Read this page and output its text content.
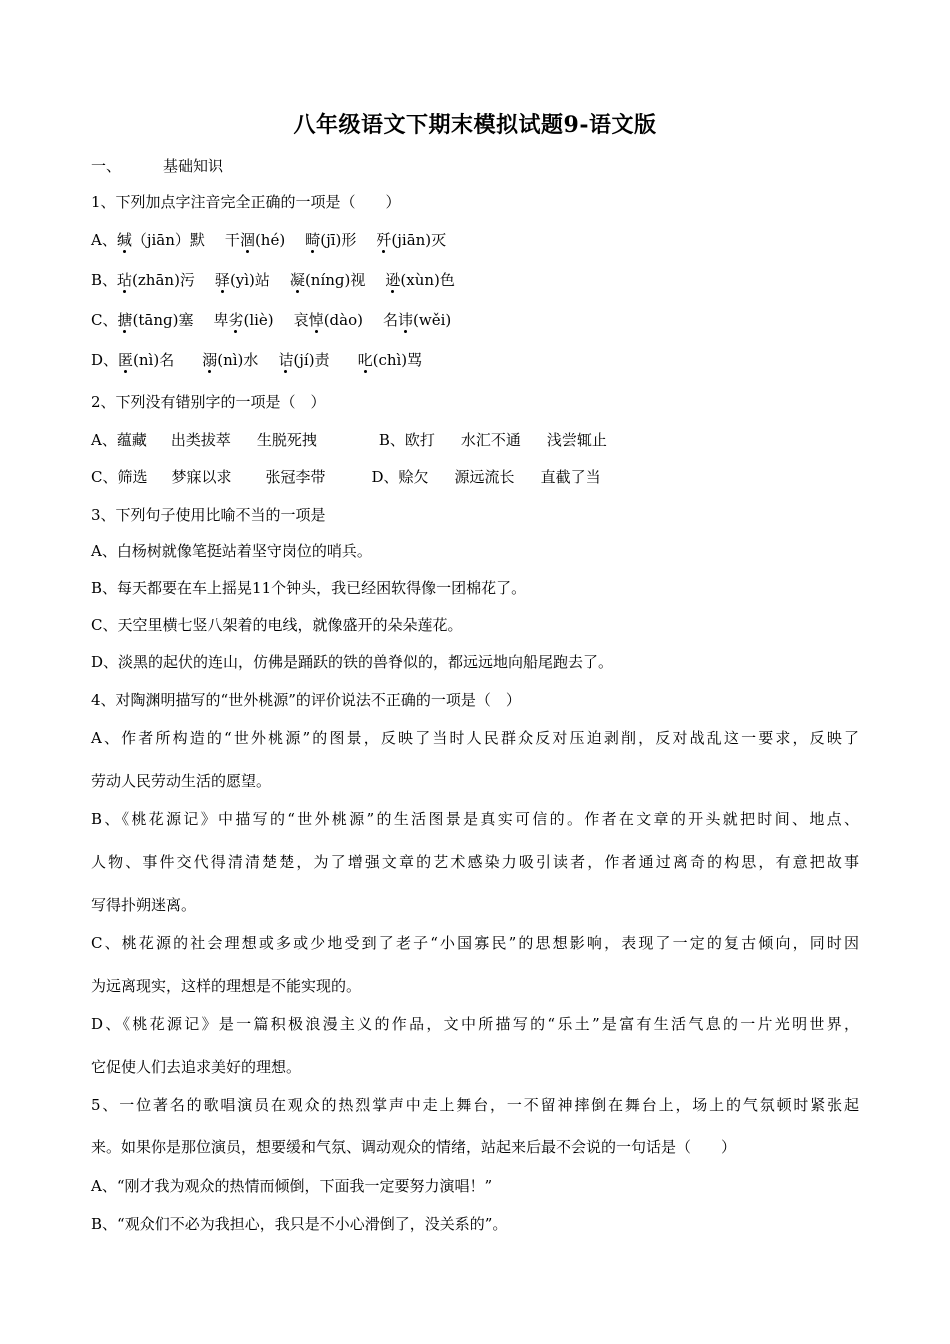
八年级语文下期末模拟试题9-语文版
一、	基础知识
1、下列加点字注音完全正确的一项是（　　）
A、缄（jiān）默 干涸(hé) 畸(jī)形 歼(jiān)灭
B、玷(zhān)污 驿(yì)站 凝(nínɡ)视 逊(xùn)色
C、搪(tānɡ)塞 卑劣(liè) 哀悼(dào) 名讳(wěi)
D、匿(nì)名 溺(nì)水 诘(jí)责 叱(chì)骂
2、下列没有错别字的一项是（　）
A、蕴藏 出类拔萃 生脱死拽	B、欧打 水汇不通 浅尝辄止
C、筛选 梦寐以求 张冠李带	D、赊欠 源远流长 直截了当
3、下列句子使用比喻不当的一项是
A、白杨树就像笔挺站着坚守岗位的哨兵。
B、每天都要在车上摇晃11个钟头，我已经困软得像一团棉花了。
C、天空里横七竖八架着的电线，就像盛开的朵朵莲花。
D、淡黑的起伏的连山，仿佛是踊跃的铁的兽脊似的，都远远地向船尾跑去了。
4、对陶渊明描写的“世外桃源”的评价说法不正确的一项是（　）
A、作者所构造的“世外桃源”的图景，反映了当时人民群众反对压迫剥削，反对战乱这一要求，反映了
劳动人民劳动生活的愿望。
B、《桃花源记》中描写的“世外桃源”的生活图景是真实可信的。作者在文章的开头就把时间、地点、
人物、事件交代得清清楚楚，为了增强文章的艺术感染力吸引读者，作者通过离奇的构思，有意把故事
写得扑朔迷离。
C、桃花源的社会理想或多或少地受到了老子“小国寡民”的思想影响，表现了一定的复古倾向，同时因
为远离现实，这样的理想是不能实现的。
D、《桃花源记》是一篇积极浪漫主义的作品，文中所描写的“乐土”是富有生活气息的一片光明世界，
它促使人们去追求美好的理想。
5、一位著名的歌唱演员在观众的热烈掌声中走上舞台，一不留神摔倒在舞台上，场上的气氛顿时紧张起
来。如果你是那位演员，想要缓和气氛、调动观众的情绪，站起来后最不会说的一句话是（　　）
A、“刚才我为观众的热情而倾倒，下面我一定要努力演唱！”
B、“观众们不必为我担心，我只是不小心滑倒了，没关系的”。
